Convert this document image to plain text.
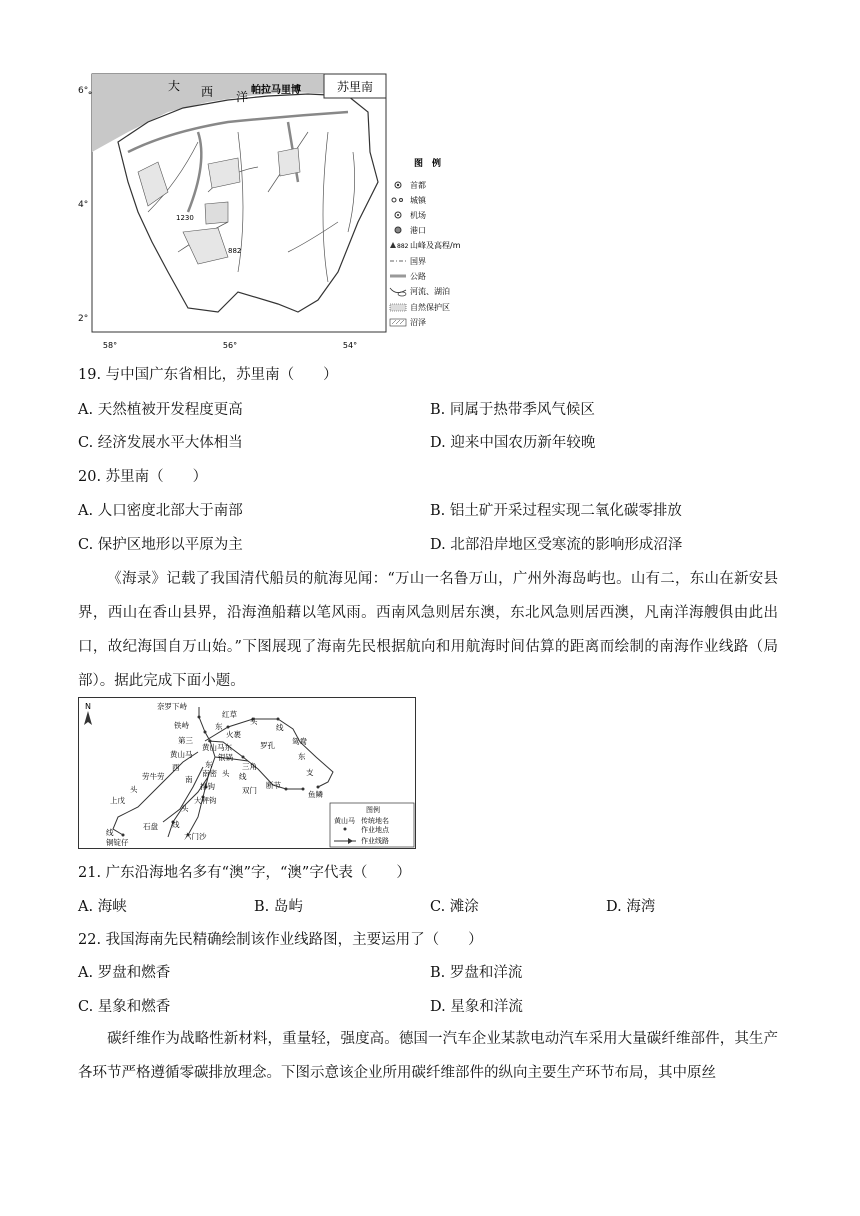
°
1230
882
大 西 洋 帕拉马里博	苏里南
58°	56°	54°
图　例
首都
城镇
机场
港口
882 山峰及高程/m
国界
公路
河流、湖泊
自然保护区
沼泽
6°
4°
2°
19. 与中国广东省相比，苏里南（　　）
A. 天然植被开发程度更高	B. 同属于热带季风气候区
C. 经济发展水平大体相当	D. 迎来中国农历新年较晚
20. 苏里南（　　）
A. 人口密度北部大于南部	B. 铝土矿开采过程实现二氧化碳零排放
C. 保护区地形以平原为主	D. 北部沿岸地区受寒流的影响形成沼泽
《海录》记载了我国清代船员的航海见闻：“万山一名鲁万山，广州外海岛屿也。山有二，东山在新安县界，西山在香山县界，沿海渔船藉以笔风雨。西南风急则居东澳，东北风急则居西澳，凡南洋海艘俱由此出口，故纪海国自万山始。”下图展现了海南先民根据航向和用航海时间估算的距离而绘制的南海作业线路（局部）。据此完成下面小题。
N	奈罗下峙
铁峙
红草
东
头
火裹
线
第三
黄山马
黄山马东	罗孔 鸳鸯
东
银锅
西
南
东	三角
支
劳牛劳	南密 头 线
头	排钩	双门
断节
鱼鳞
上戊	大秤钩
头
石盘 线
六门沙
线
铜锭仔
图例
黄山马 传统地名
作业地点
作业线路
21. 广东沿海地名多有“澳”字，“澳”字代表（　　）
A. 海峡	B. 岛屿	C. 滩涂	D. 海湾
22. 我国海南先民精确绘制该作业线路图，主要运用了（　　）
A. 罗盘和燃香	B. 罗盘和洋流
C. 星象和燃香	D. 星象和洋流
碳纤维作为战略性新材料，重量轻，强度高。德国一汽车企业某款电动汽车采用大量碳纤维部件，其生产各环节严格遵循零碳排放理念。下图示意该企业所用碳纤维部件的纵向主要生产环节布局，其中原丝
